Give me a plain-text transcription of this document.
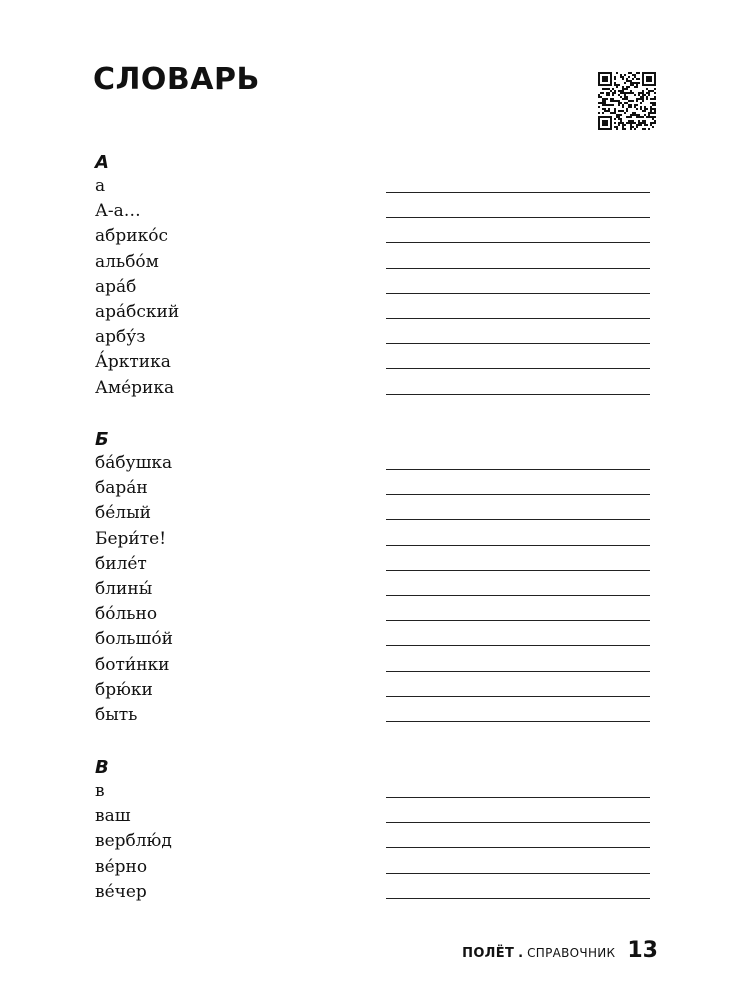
СЛОВАРЬ
А
а
А-а…
абрико́с
альбо́м
ара́б
ара́бский
арбу́з
А́рктика
Аме́рика
Б
ба́бушка
бара́н
бе́лый
Бери́те!
биле́т
блины́
бо́льно
большо́й
боти́нки
брю́ки
быть
В
в
ваш
верблю́д
ве́рно
ве́чер
ПОЛЁТ . СПРАВОЧНИК 13
